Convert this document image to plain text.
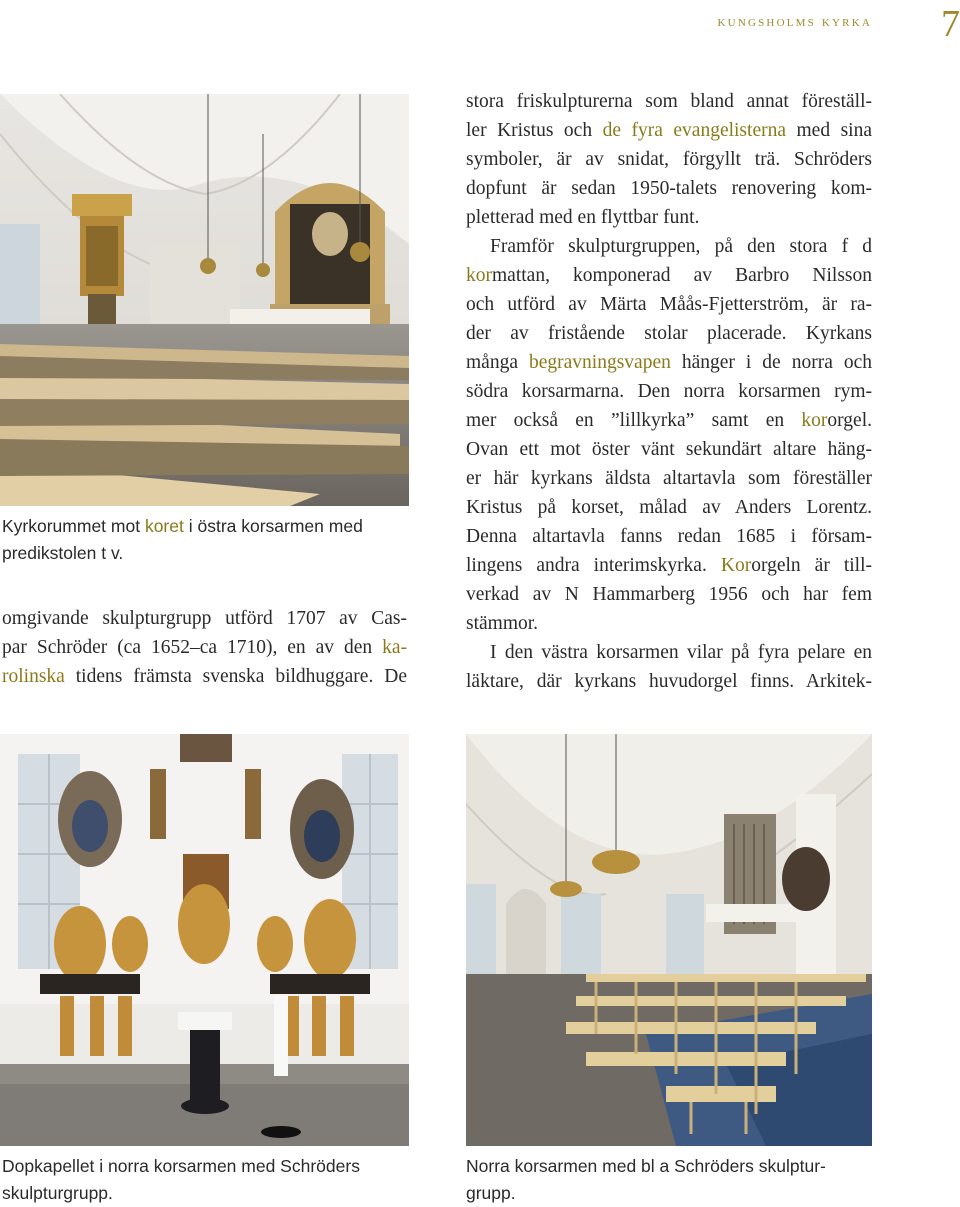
kungsholms kyrka	7
Kyrkorummet mot koret i östra korsarmen med predikstolen t v.
omgivande skulpturgrupp utförd 1707 av Cas-
par Schröder (ca 1652–ca 1710), en av den ka-
rolinska tidens främsta svenska bildhuggare. De
stora friskulpturerna som bland annat föreställ-
ler Kristus och de fyra evangelisterna med sina
symboler, är av snidat, förgyllt trä. Schröders
dopfunt är sedan 1950-talets renovering kom-
pletterad med en flyttbar funt.
Framför skulpturgruppen, på den stora f d
kormattan, komponerad av Barbro Nilsson
och utförd av Märta Måås-Fjetterström, är ra-
der av fristående stolar placerade. Kyrkans
många begravningsvapen hänger i de norra och
södra korsarmarna. Den norra korsarmen rym-
mer också en ”lillkyrka” samt en kororgel.
Ovan ett mot öster vänt sekundärt altare häng-
er här kyrkans äldsta altartavla som föreställer
Kristus på korset, målad av Anders Lorentz.
Denna altartavla fanns redan 1685 i försam-
lingens andra interimskyrka. Kororgeln är till-
verkad av N Hammarberg 1956 och har fem
stämmor.
I den västra korsarmen vilar på fyra pelare en
läktare, där kyrkans huvudorgel finns. Arkitek-
Dopkapellet i norra korsarmen med Schröders skulpturgrupp.
Norra korsarmen med bl a Schröders skulptur-
grupp.
